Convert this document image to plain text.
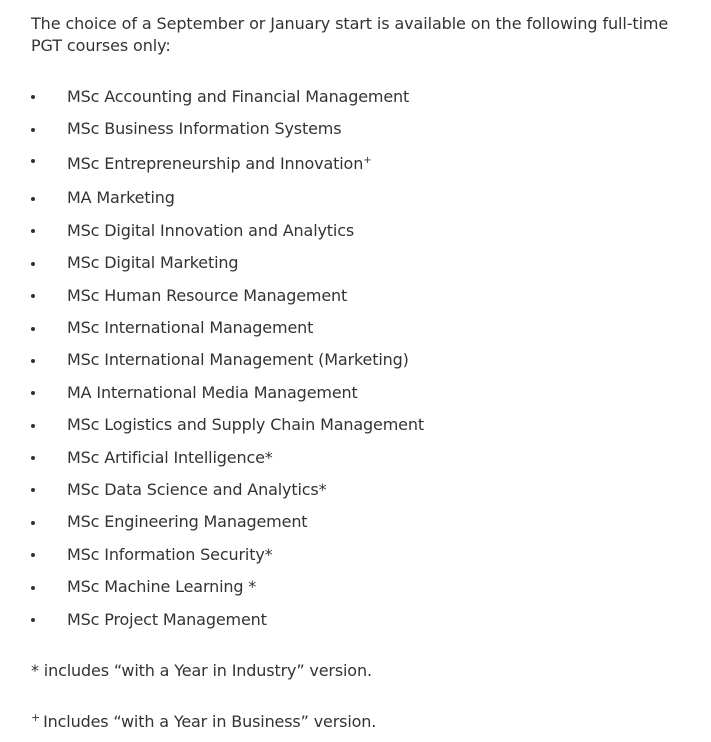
The choice of a September or January start is available on the following full-time PGT courses only:

MSc Accounting and Financial Management
MSc Business Information Systems
MSc Entrepreneurship and Innovation+
MA Marketing
MSc Digital Innovation and Analytics
MSc Digital Marketing
MSc Human Resource Management
MSc International Management
MSc International Management (Marketing)
MA International Media Management
MSc Logistics and Supply Chain Management
MSc Artificial Intelligence*
MSc Data Science and Analytics*
MSc Engineering Management
MSc Information Security*
MSc Machine Learning *
MSc Project Management

* includes “with a Year in Industry” version.

+ Includes “with a Year in Business” version.
